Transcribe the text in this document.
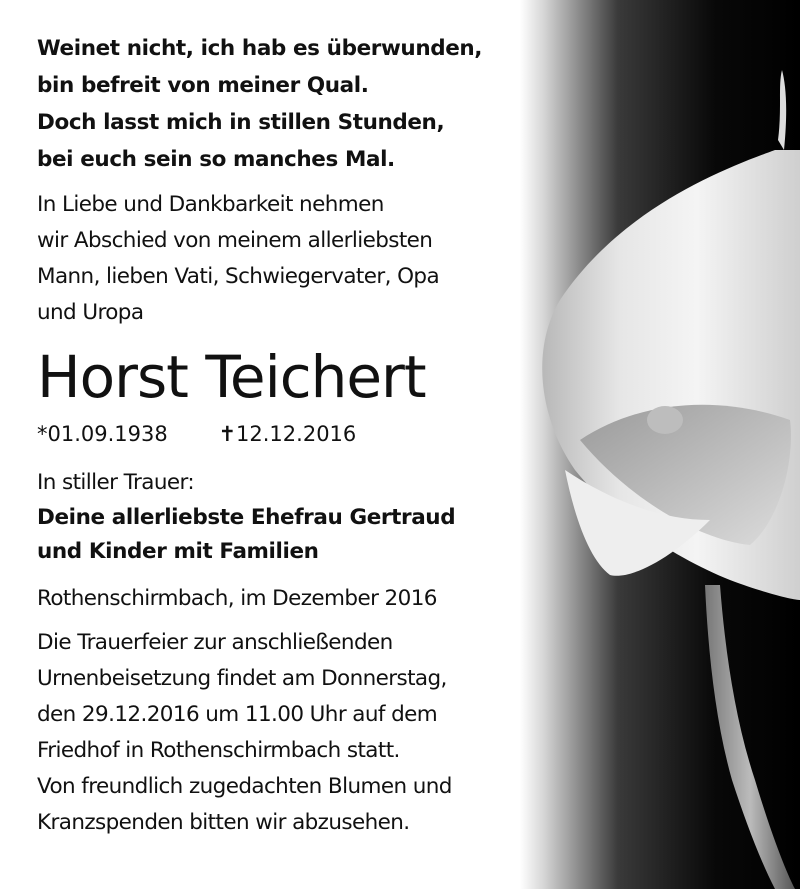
Weinet nicht, ich hab es überwunden,
bin befreit von meiner Qual.
Doch lasst mich in stillen Stunden,
bei euch sein so manches Mal.
In Liebe und Dankbarkeit nehmen
wir Abschied von meinem allerliebsten
Mann, lieben Vati, Schwiegervater, Opa
und Uropa
Horst Teichert
*01.09.1938 ✝12.12.2016
In stiller Trauer:
Deine allerliebste Ehefrau Gertraud
und Kinder mit Familien
Rothenschirmbach, im Dezember 2016
Die Trauerfeier zur anschließenden
Urnenbeisetzung findet am Donnerstag,
den 29.12.2016 um 11.00 Uhr auf dem
Friedhof in Rothenschirmbach statt.
Von freundlich zugedachten Blumen und
Kranzspenden bitten wir abzusehen.
